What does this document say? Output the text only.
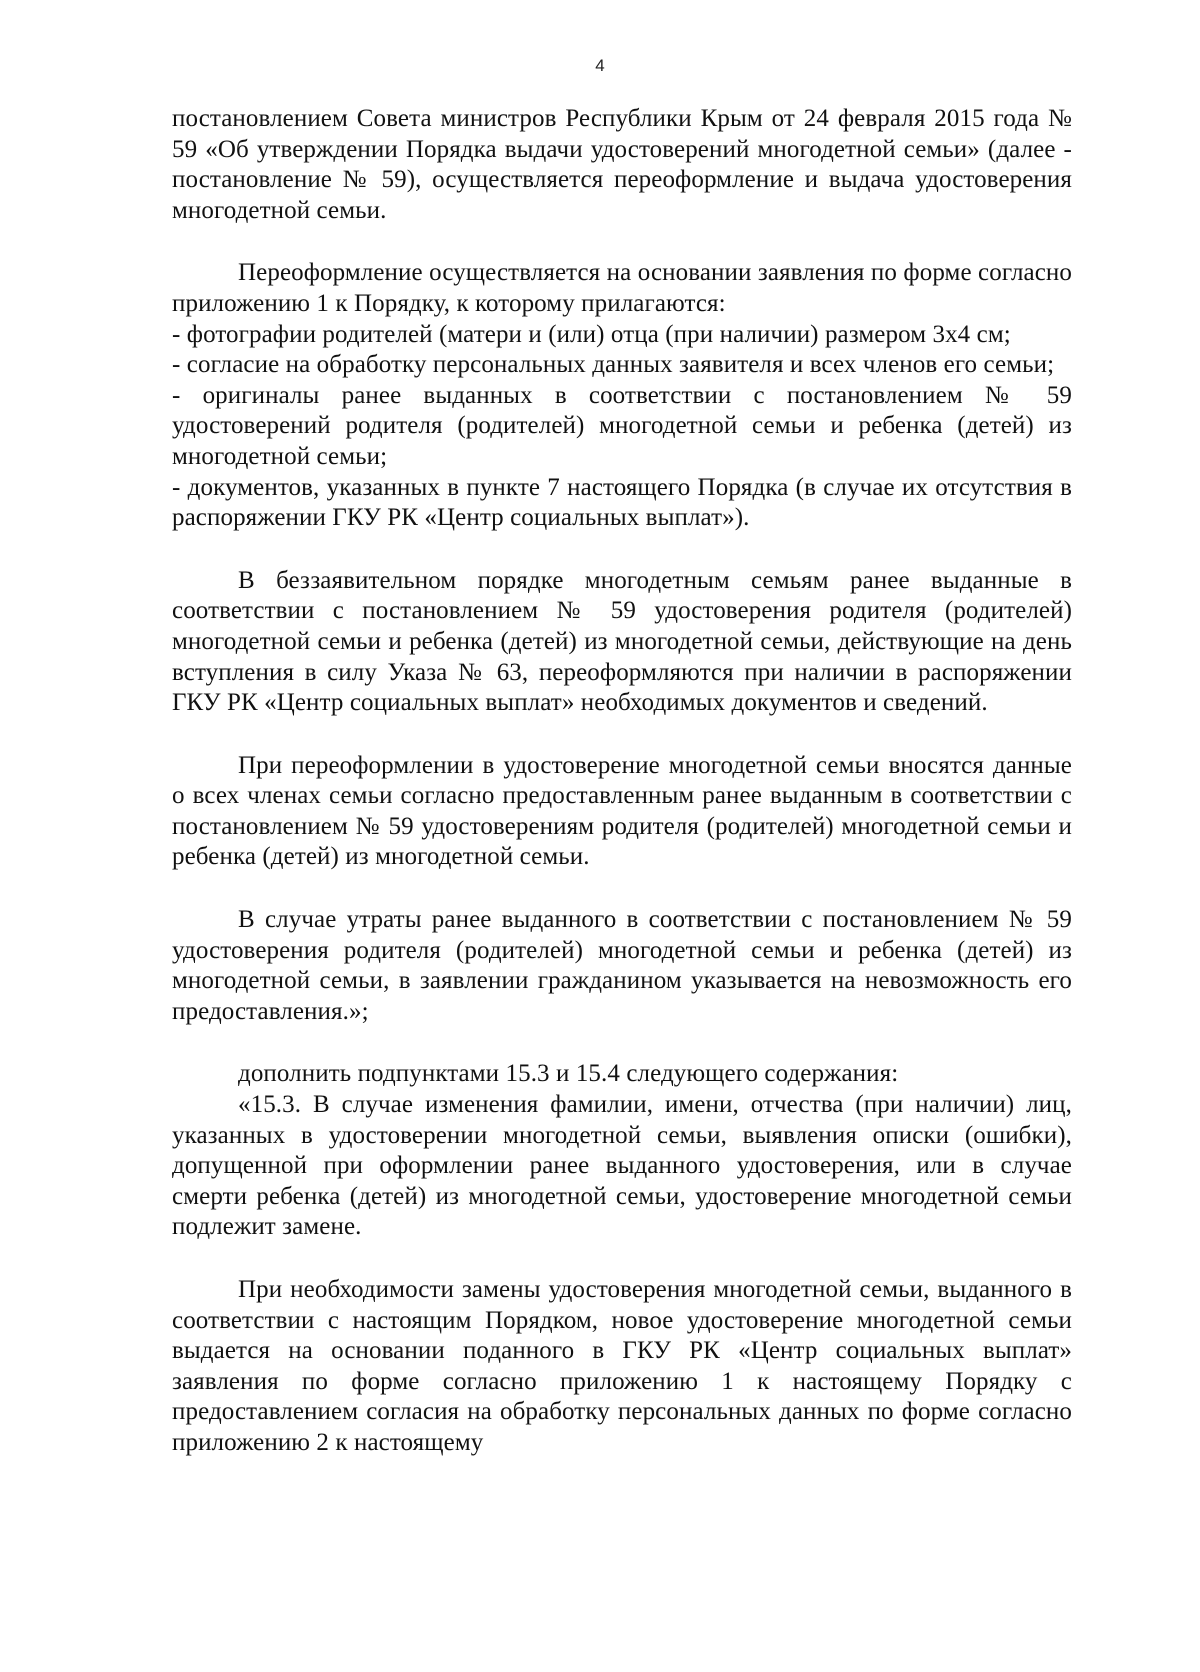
4

постановлением Совета министров Республики Крым от 24 февраля 2015 года № 59 «Об утверждении Порядка выдачи удостоверений многодетной семьи» (далее - постановление № 59), осуществляется переоформление и выдача удостоверения многодетной семьи.

Переоформление осуществляется на основании заявления по форме согласно приложению 1 к Порядку, к которому прилагаются:

- фотографии родителей (матери и (или) отца (при наличии) размером 3х4 см;

- согласие на обработку персональных данных заявителя и всех членов его семьи;

- оригиналы ранее выданных в соответствии с постановлением № 59 удостоверений родителя (родителей) многодетной семьи и ребенка (детей) из многодетной семьи;

- документов, указанных в пункте 7 настоящего Порядка (в случае их отсутствия в распоряжении ГКУ РК «Центр социальных выплат»).

В беззаявительном порядке многодетным семьям ранее выданные в соответствии с постановлением № 59 удостоверения родителя (родителей) многодетной семьи и ребенка (детей) из многодетной семьи, действующие на день вступления в силу Указа № 63, переоформляются при наличии в распоряжении ГКУ РК «Центр социальных выплат» необходимых документов и сведений.

При переоформлении в удостоверение многодетной семьи вносятся данные о всех членах семьи согласно предоставленным ранее выданным в соответствии с постановлением № 59 удостоверениям родителя (родителей) многодетной семьи и ребенка (детей) из многодетной семьи.

В случае утраты ранее выданного в соответствии с постановлением № 59 удостоверения родителя (родителей) многодетной семьи и ребенка (детей) из многодетной семьи, в заявлении гражданином указывается на невозможность его предоставления.»;

дополнить подпунктами 15.3 и 15.4 следующего содержания:

«15.3. В случае изменения фамилии, имени, отчества (при наличии) лиц, указанных в удостоверении многодетной семьи, выявления описки (ошибки), допущенной при оформлении ранее выданного удостоверения, или в случае смерти ребенка (детей) из многодетной семьи, удостоверение многодетной семьи подлежит замене.

При необходимости замены удостоверения многодетной семьи, выданного в соответствии с настоящим Порядком, новое удостоверение многодетной семьи выдается на основании поданного в ГКУ РК «Центр социальных выплат» заявления по форме согласно приложению 1 к настоящему Порядку с предоставлением согласия на обработку персональных данных по форме согласно приложению 2 к настоящему
